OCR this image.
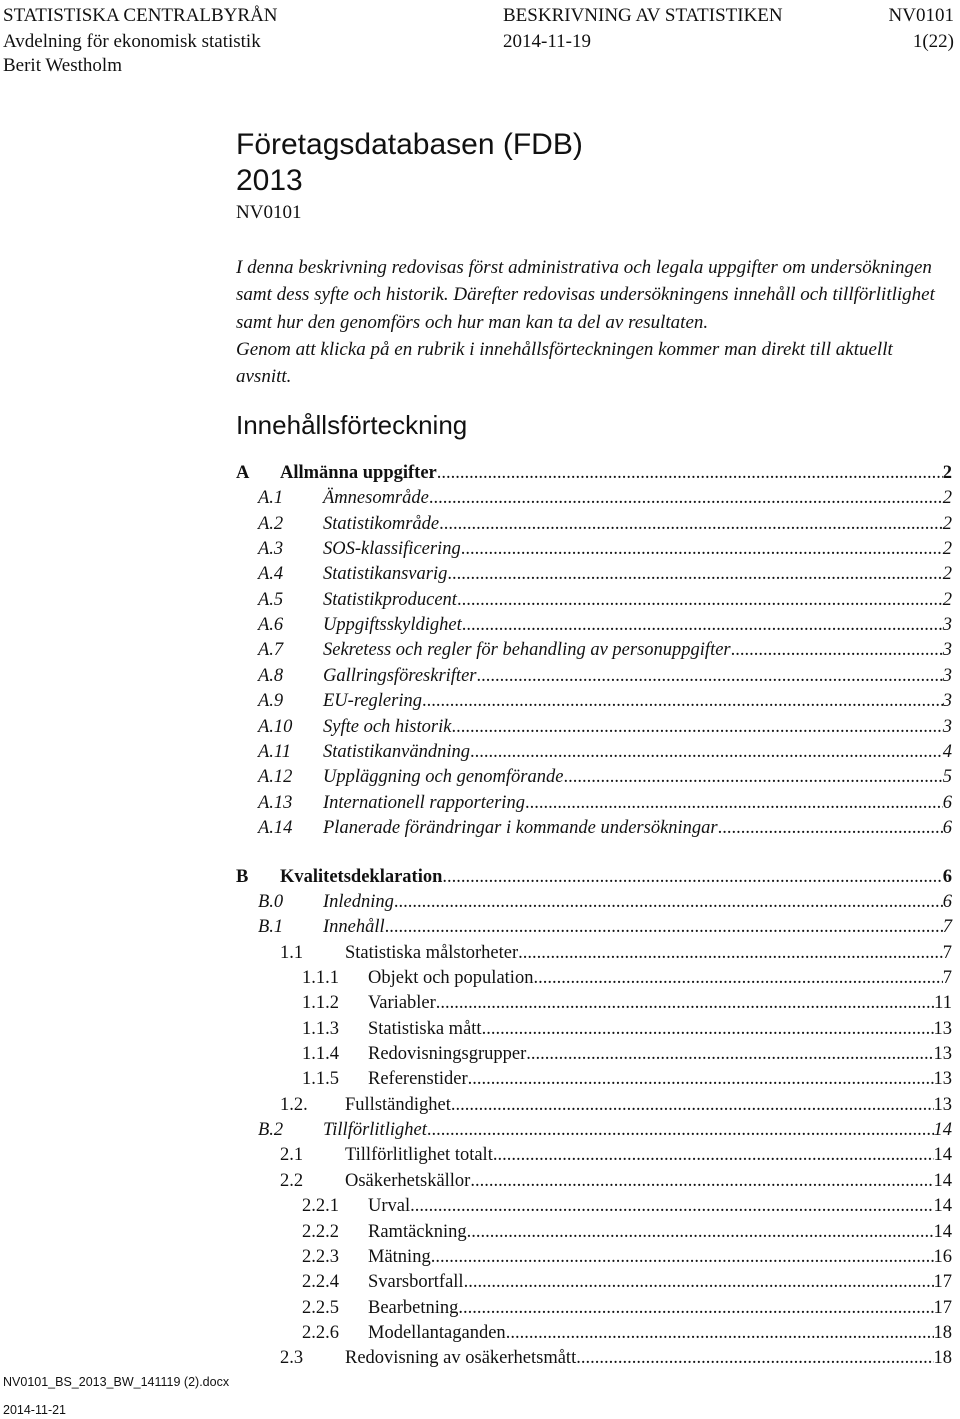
STATISTISKA CENTRALBYRÅN	BESKRIVNING AV STATISTIKEN	NV0101
Avdelning för ekonomisk statistik	2014-11-19	1(22)
Berit Westholm
Företagsdatabasen (FDB)
2013
NV0101

I denna beskrivning redovisas först administrativa och legala uppgifter om undersökningen samt dess syfte och historik. Därefter redovisas undersökningens innehåll och tillförlitlighet samt hur den genomförs och hur man kan ta del av resultaten.

Genom att klicka på en rubrik i innehållsförteckningen kommer man direkt till aktuellt avsnitt.

Innehållsförteckning
A	Allmänna uppgifter .....	2
A.1	Ämnesområde .....	2
A.2	Statistikområde .....	2
A.3	SOS-klassificering .....	2
A.4	Statistikansvarig .....	2
A.5	Statistikproducent .....	2
A.6	Uppgiftsskyldighet .....	3
A.7	Sekretess och regler för behandling av personuppgifter .....	3
A.8	Gallringsföreskrifter .....	3
A.9	EU-reglering .....	3
A.10	Syfte och historik .....	3
A.11	Statistikanvändning .....	4
A.12	Uppläggning och genomförande .....	5
A.13	Internationell rapportering .....	6
A.14	Planerade förändringar i kommande undersökningar .....	6
B	Kvalitetsdeklaration .....	6
B.0	Inledning .....	6
B.1	Innehåll .....	7
1.1	Statistiska målstorheter .....	7
1.1.1	Objekt och population .....	7
1.1.2	Variabler .....	11
1.1.3	Statistiska mått .....	13
1.1.4	Redovisningsgrupper .....	13
1.1.5	Referenstider .....	13
1.2.	Fullständighet .....	13
B.2	Tillförlitlighet .....	14
2.1	Tillförlitlighet totalt .....	14
2.2	Osäkerhetskällor .....	14
2.2.1	Urval .....	14
2.2.2	Ramtäckning .....	14
2.2.3	Mätning .....	16
2.2.4	Svarsbortfall .....	17
2.2.5	Bearbetning .....	17
2.2.6	Modellantaganden .....	18
2.3	Redovisning av osäkerhetsmått .....	18
NV0101_BS_2013_BW_141119 (2).docx
2014-11-21
